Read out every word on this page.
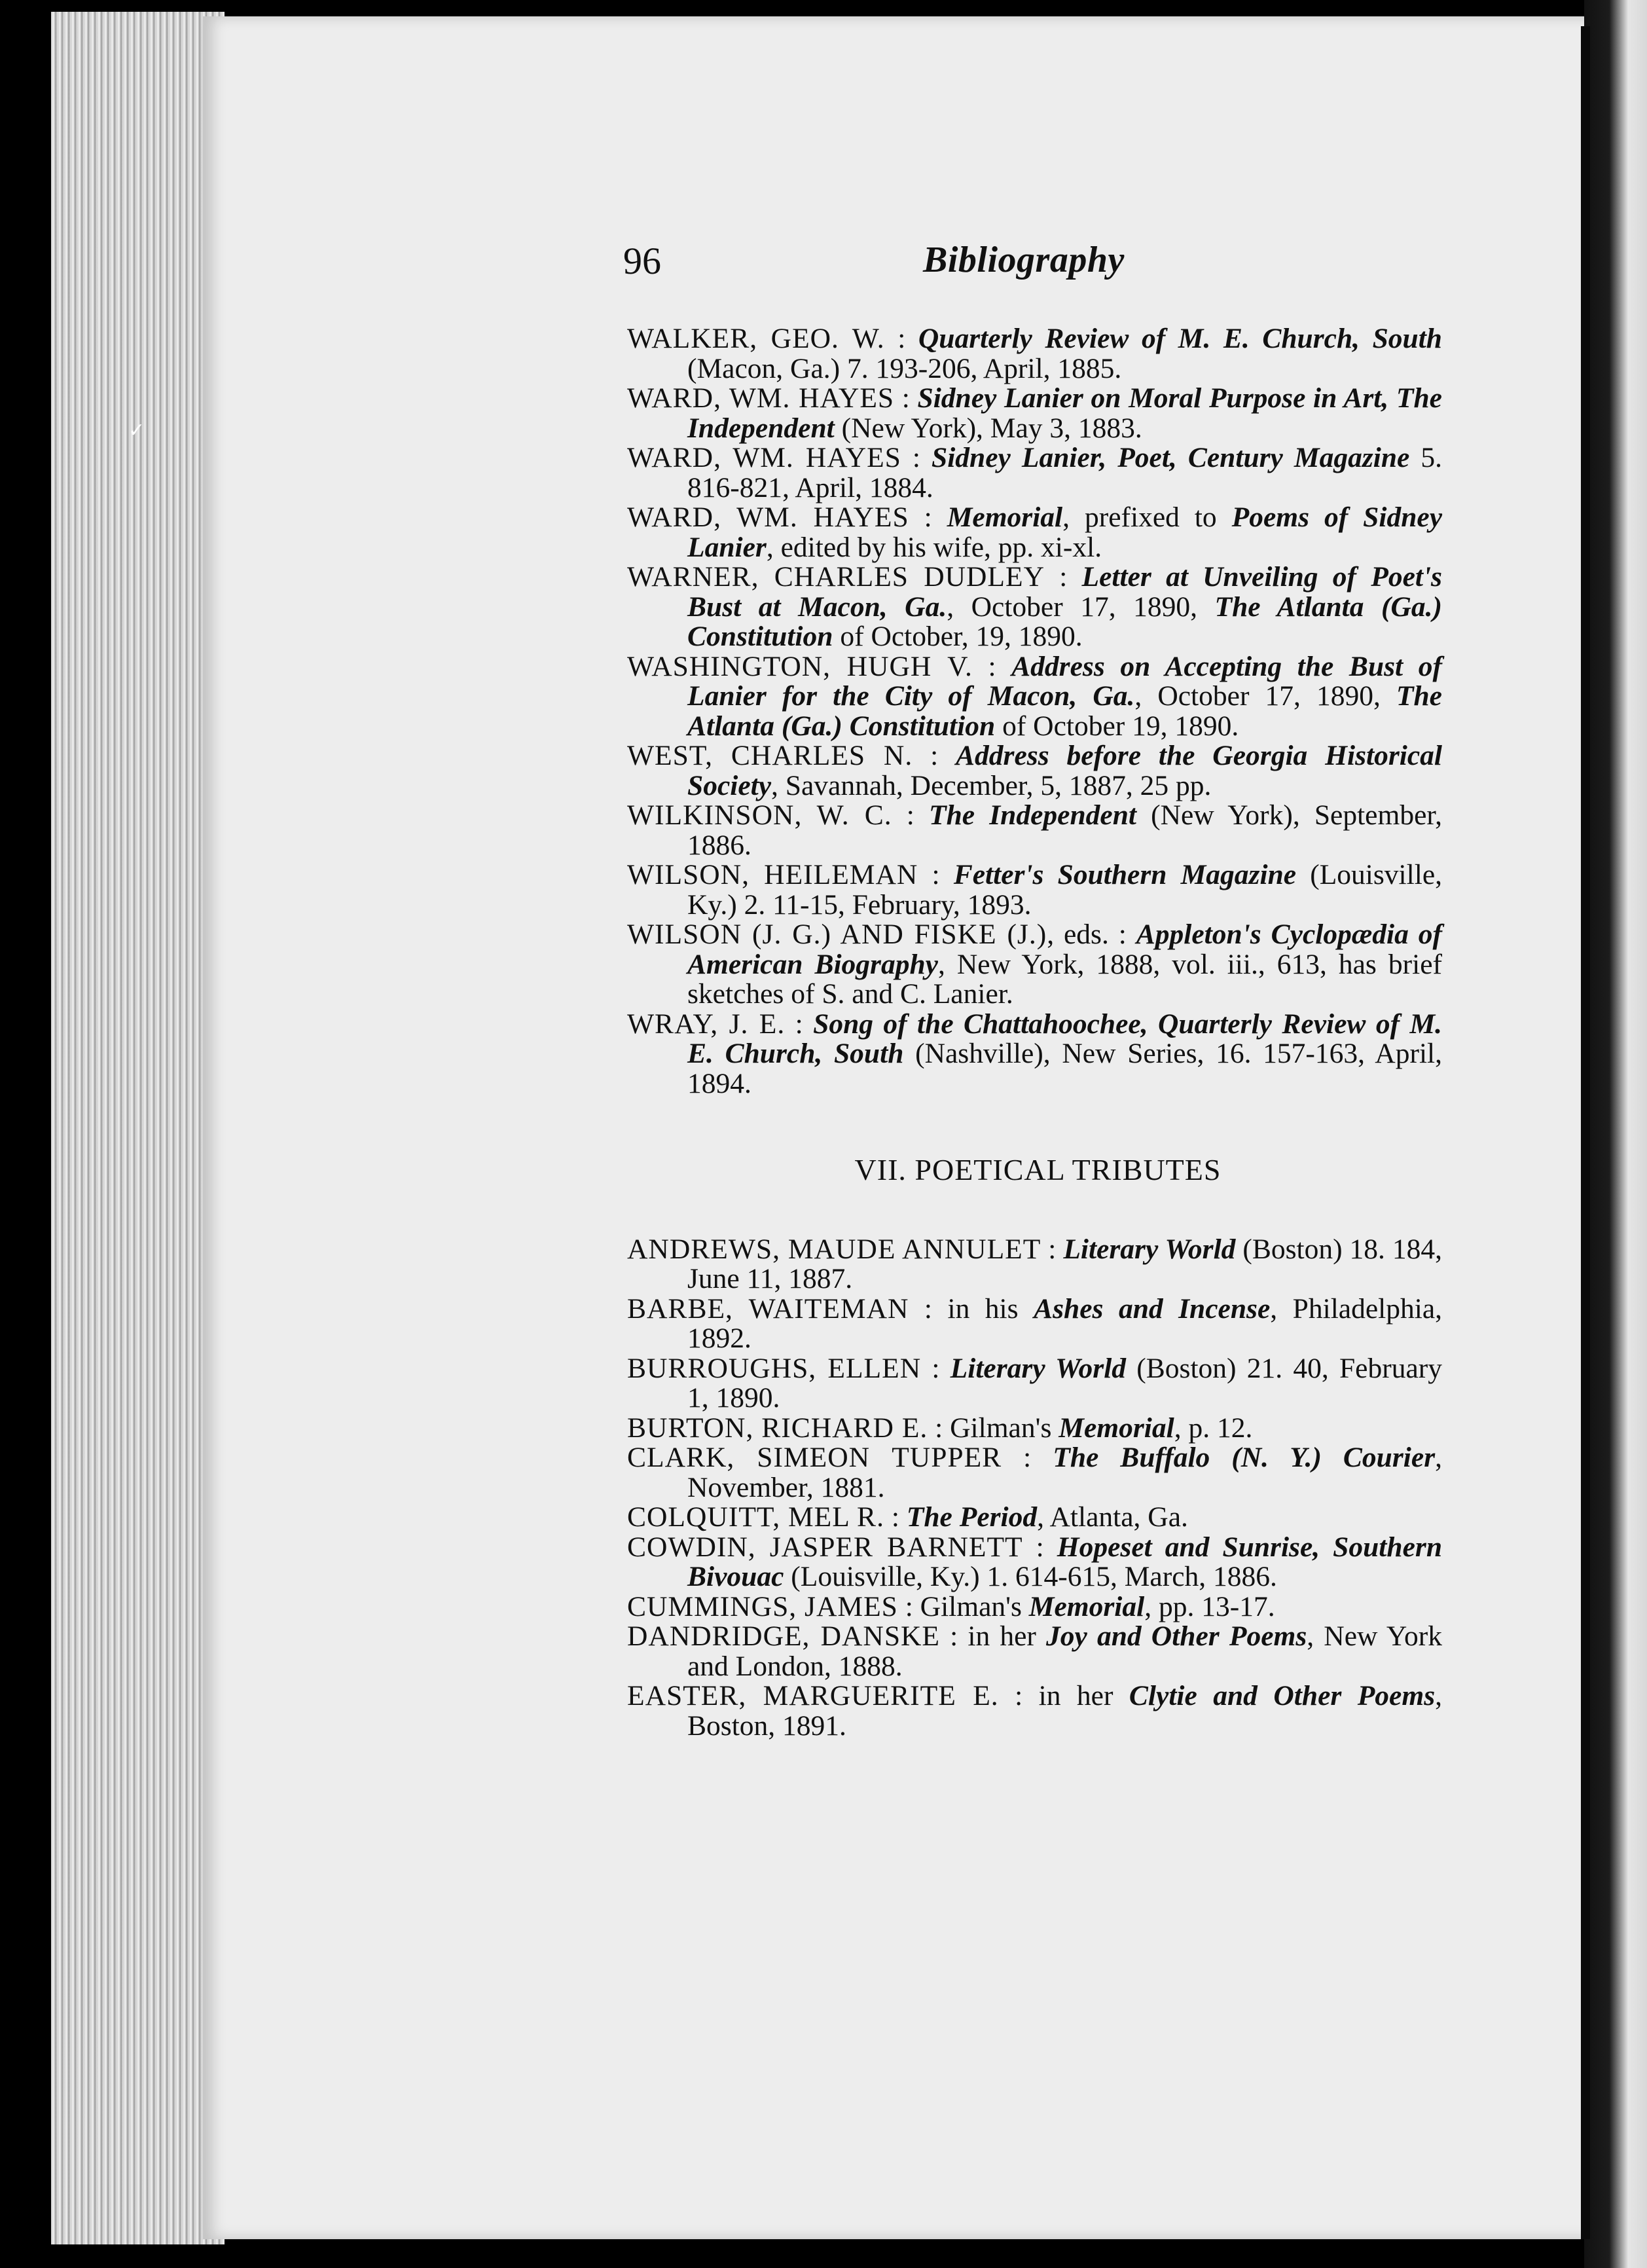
✓
96	Bibliography

WALKER, GEO. W. : Quarterly Review of M. E. Church, South (Macon, Ga.) 7. 193-206, April, 1885.

WARD, WM. HAYES : Sidney Lanier on Moral Purpose in Art, The Independent (New York), May 3, 1883.

WARD, WM. HAYES : Sidney Lanier, Poet, Century Magazine 5. 816-821, April, 1884.

WARD, WM. HAYES : Memorial, prefixed to Poems of Sidney Lanier, edited by his wife, pp. xi-xl.

WARNER, CHARLES DUDLEY : Letter at Unveiling of Poet's Bust at Macon, Ga., October 17, 1890, The Atlanta (Ga.) Constitution of October, 19, 1890.

WASHINGTON, HUGH V. : Address on Accepting the Bust of Lanier for the City of Macon, Ga., October 17, 1890, The Atlanta (Ga.) Constitution of October 19, 1890.

WEST, CHARLES N. : Address before the Georgia Historical Society, Savannah, December, 5, 1887, 25 pp.

WILKINSON, W. C. : The Independent (New York), September, 1886.

WILSON, HEILEMAN : Fetter's Southern Magazine (Louisville, Ky.) 2. 11-15, February, 1893.

WILSON (J. G.) AND FISKE (J.), eds. : Appleton's Cyclopædia of American Biography, New York, 1888, vol. iii., 613, has brief sketches of S. and C. Lanier.

WRAY, J. E. : Song of the Chattahoochee, Quarterly Review of M. E. Church, South (Nashville), New Series, 16. 157-163, April, 1894.

VII. POETICAL TRIBUTES

ANDREWS, MAUDE ANNULET : Literary World (Boston) 18. 184, June 11, 1887.

BARBE, WAITEMAN : in his Ashes and Incense, Philadelphia, 1892.

BURROUGHS, ELLEN : Literary World (Boston) 21. 40, February 1, 1890.

BURTON, RICHARD E. : Gilman's Memorial, p. 12.

CLARK, SIMEON TUPPER : The Buffalo (N. Y.) Courier, November, 1881.

COLQUITT, MEL R. : The Period, Atlanta, Ga.

COWDIN, JASPER BARNETT : Hopeset and Sunrise, Southern Bivouac (Louisville, Ky.) 1. 614-615, March, 1886.

CUMMINGS, JAMES : Gilman's Memorial, pp. 13-17.

DANDRIDGE, DANSKE : in her Joy and Other Poems, New York and London, 1888.

EASTER, MARGUERITE E. : in her Clytie and Other Poems, Boston, 1891.
